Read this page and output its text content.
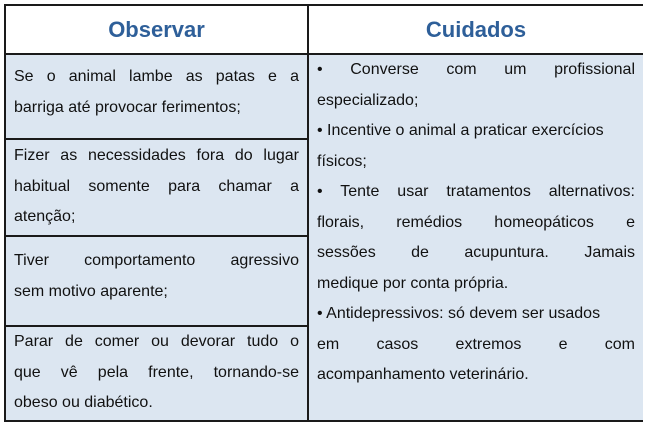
Observar	Cuidados
Se o animal lambe as patas e a
barriga até provocar ferimentos;
Fizer as necessidades fora do lugar
habitual somente para chamar a
atenção;
Tiver comportamento agressivo
sem motivo aparente;
Parar de comer ou devorar tudo o
que vê pela frente, tornando-se
obeso ou diabético.
• Converse com um profissional
especializado;
• Incentive o animal a praticar exercícios
físicos;
• Tente usar tratamentos alternativos:
florais, remédios homeopáticos e
sessões de acupuntura. Jamais
medique por conta própria.
• Antidepressivos: só devem ser usados
em casos extremos e com
acompanhamento veterinário.
